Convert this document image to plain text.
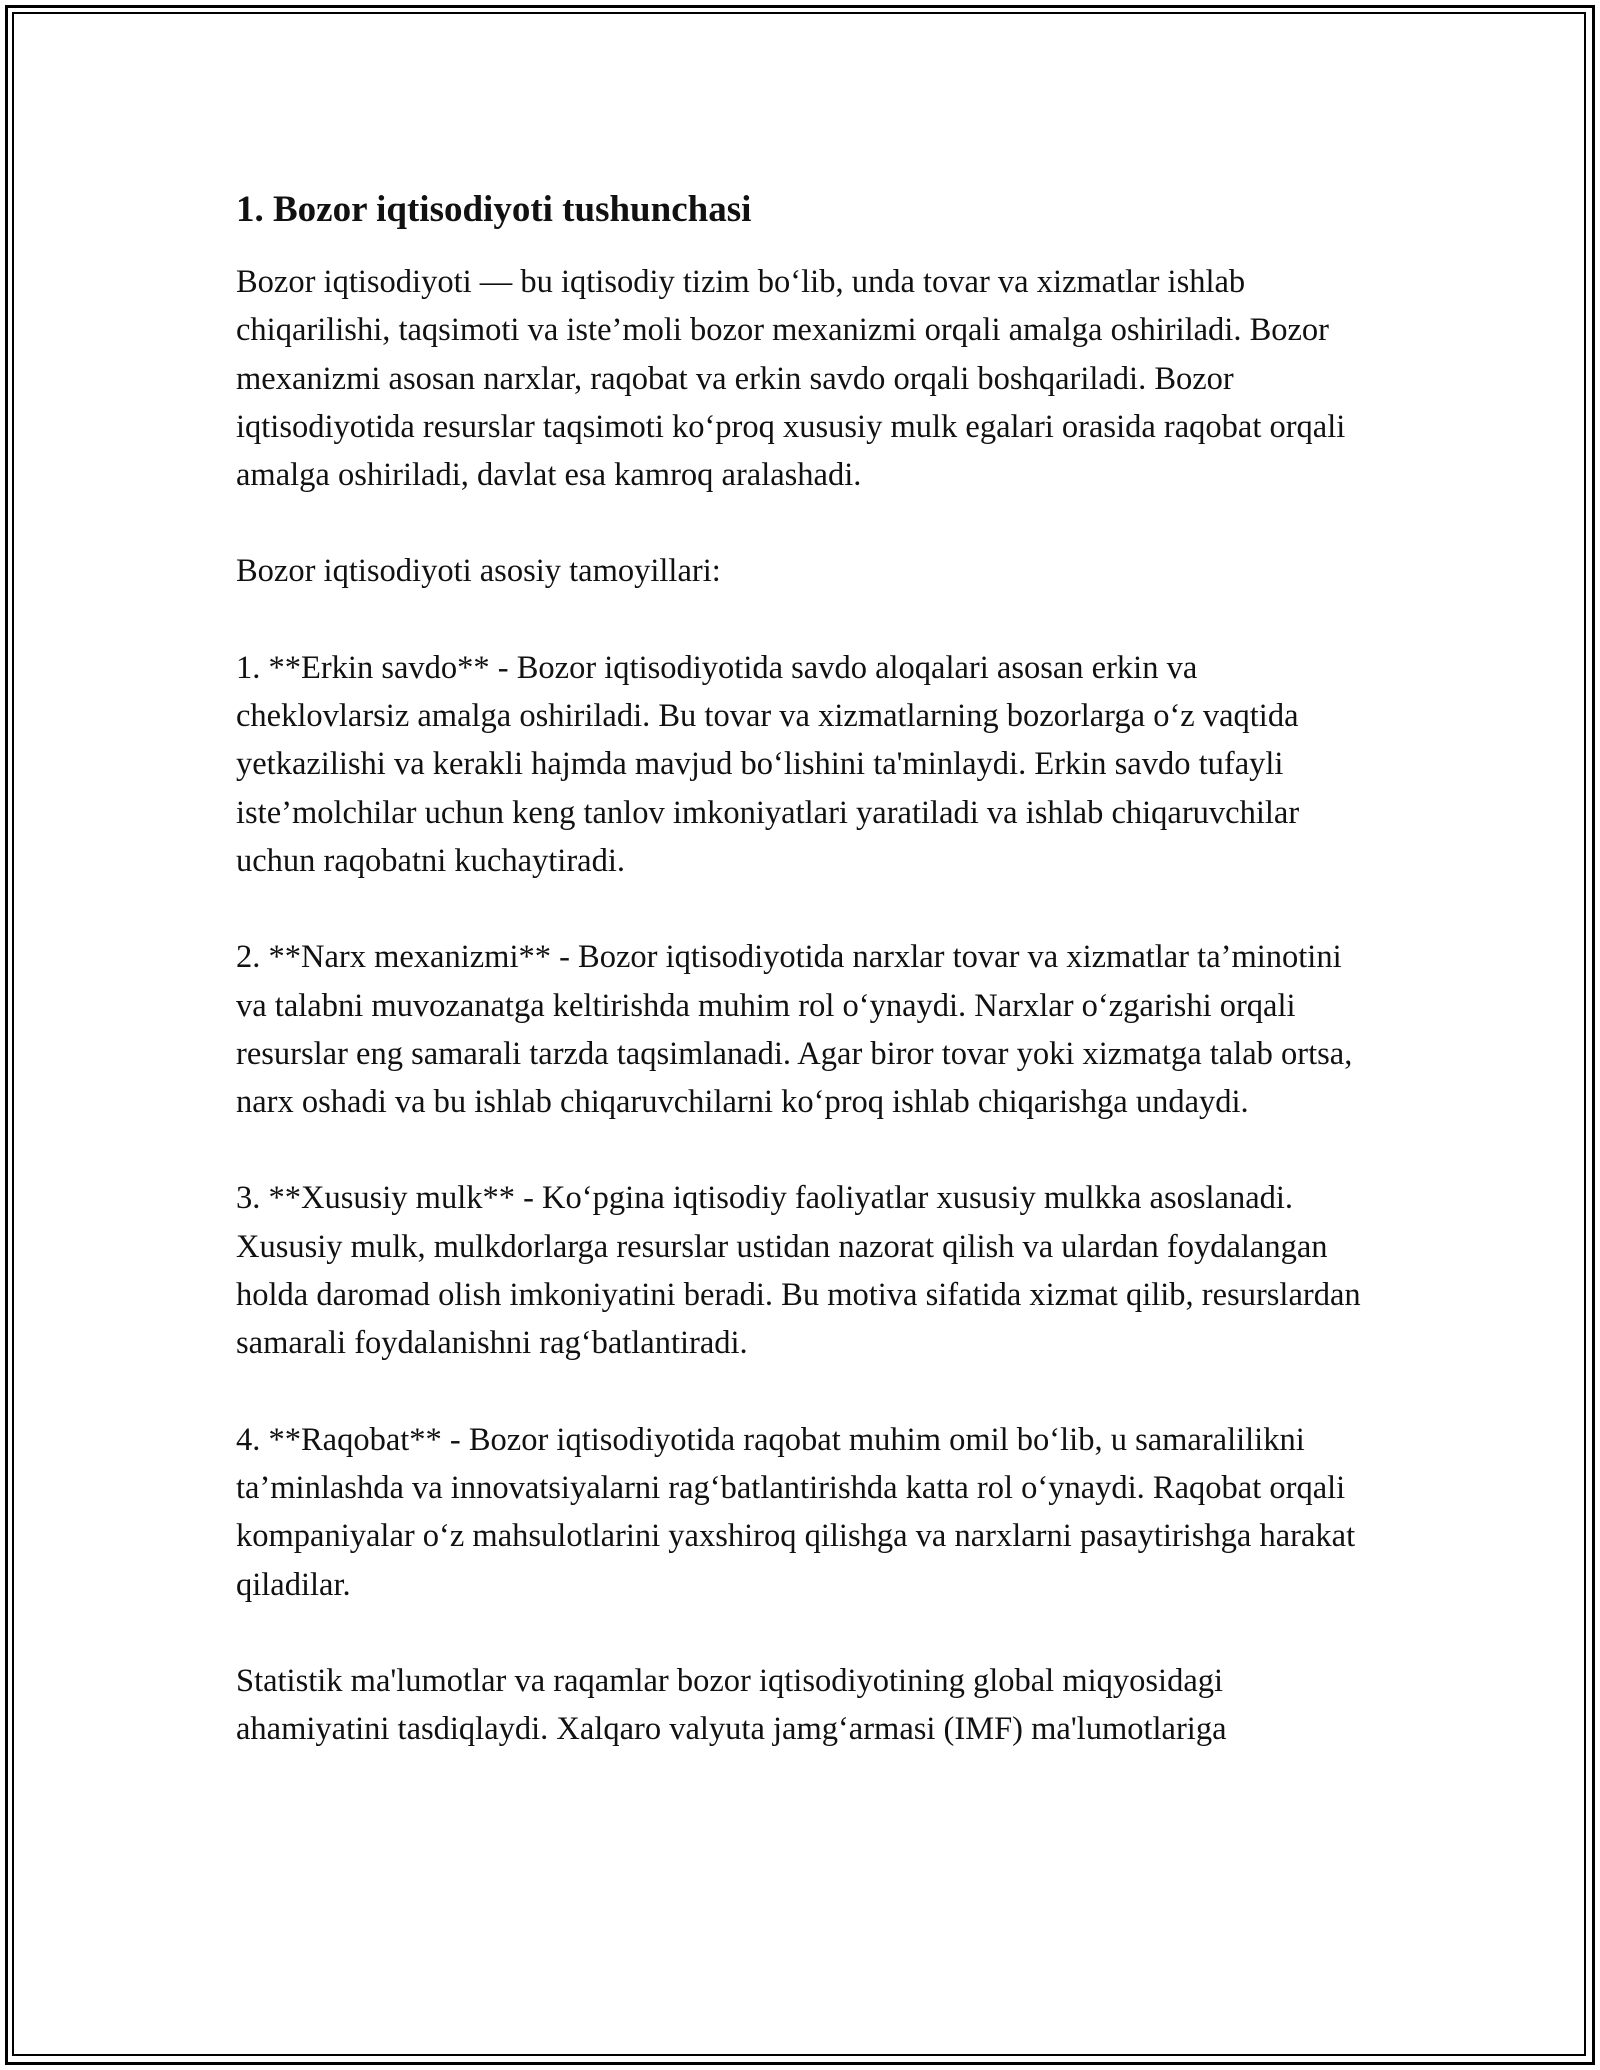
1. Bozor iqtisodiyoti tushunchasi

Bozor iqtisodiyoti — bu iqtisodiy tizim bo‘lib, unda tovar va xizmatlar ishlab chiqarilishi, taqsimoti va iste’moli bozor mexanizmi orqali amalga oshiriladi. Bozor mexanizmi asosan narxlar, raqobat va erkin savdo orqali boshqariladi. Bozor iqtisodiyotida resurslar taqsimoti ko‘proq xususiy mulk egalari orasida raqobat orqali amalga oshiriladi, davlat esa kamroq aralashadi.

Bozor iqtisodiyoti asosiy tamoyillari:

1. **Erkin savdo** - Bozor iqtisodiyotida savdo aloqalari asosan erkin va cheklovlarsiz amalga oshiriladi. Bu tovar va xizmatlarning bozorlarga o‘z vaqtida yetkazilishi va kerakli hajmda mavjud bo‘lishini ta'minlaydi. Erkin savdo tufayli iste’molchilar uchun keng tanlov imkoniyatlari yaratiladi va ishlab chiqaruvchilar uchun raqobatni kuchaytiradi.

2. **Narx mexanizmi** - Bozor iqtisodiyotida narxlar tovar va xizmatlar ta’minotini va talabni muvozanatga keltirishda muhim rol o‘ynaydi. Narxlar o‘zgarishi orqali resurslar eng samarali tarzda taqsimlanadi. Agar biror tovar yoki xizmatga talab ortsa, narx oshadi va bu ishlab chiqaruvchilarni ko‘proq ishlab chiqarishga undaydi.

3. **Xususiy mulk** - Ko‘pgina iqtisodiy faoliyatlar xususiy mulkka asoslanadi. Xususiy mulk, mulkdorlarga resurslar ustidan nazorat qilish va ulardan foydalangan holda daromad olish imkoniyatini beradi. Bu motiva sifatida xizmat qilib, resurslardan samarali foydalanishni rag‘batlantiradi.

4. **Raqobat** - Bozor iqtisodiyotida raqobat muhim omil bo‘lib, u samaralilikni ta’minlashda va innovatsiyalarni rag‘batlantirishda katta rol o‘ynaydi. Raqobat orqali kompaniyalar o‘z mahsulotlarini yaxshiroq qilishga va narxlarni pasaytirishga harakat qiladilar.

Statistik ma'lumotlar va raqamlar bozor iqtisodiyotining global miqyosidagi ahamiyatini tasdiqlaydi. Xalqaro valyuta jamg‘armasi (IMF) ma'lumotlariga
